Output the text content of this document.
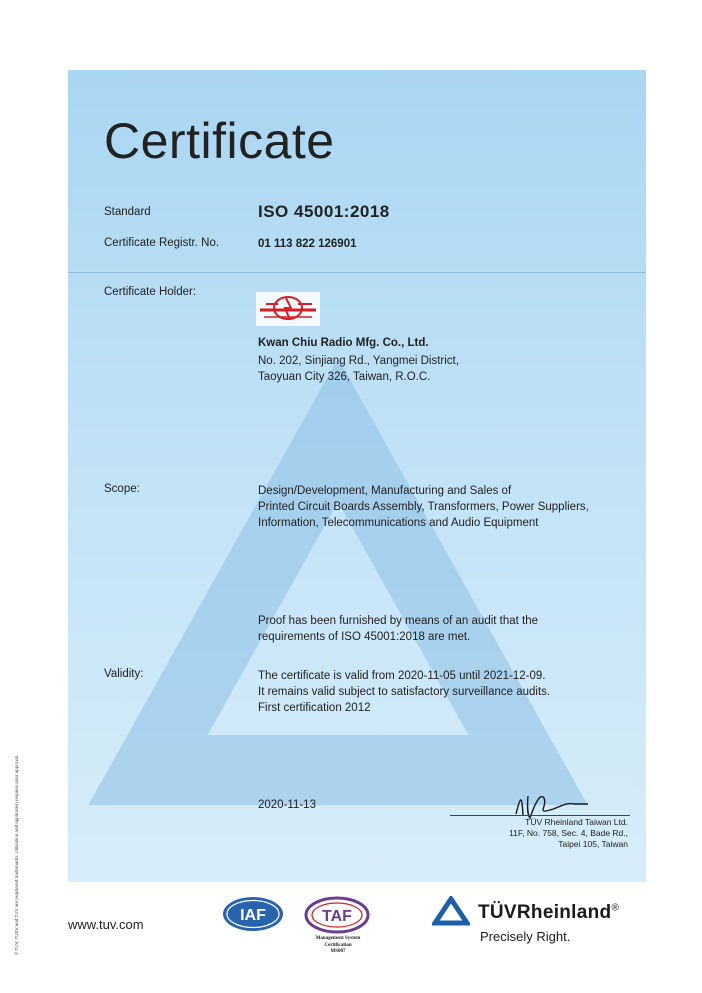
® TÜV, TUEV and TUV are registered trademarks. Utilisation and application requires prior approval.
Certificate
Standard	ISO 45001:2018
Certificate Registr. No.	01 113 822 126901
Certificate Holder:
Kwan Chiu Radio Mfg. Co., Ltd.
No. 202, Sinjiang Rd., Yangmei District,
Taoyuan City 326, Taiwan, R.O.C.
Scope:	Design/Development, Manufacturing and Sales of
Printed Circuit Boards Assembly, Transformers, Power Suppliers,
Information, Telecommunications and Audio Equipment
Proof has been furnished by means of an audit that the
requirements of ISO 45001:2018 are met.
Validity:	The certificate is valid from 2020-11-05 until 2021-12-09.
It remains valid subject to satisfactory surveillance audits.
First certification 2012
2020-11-13
TÜV Rheinland Taiwan Ltd.
11F, No. 758, Sec. 4, Bade Rd.,
Taipei 105, Taiwan
www.tuv.com
IAF	TAF
Management System
Certification
MS007
TÜVRheinland®
Precisely Right.
